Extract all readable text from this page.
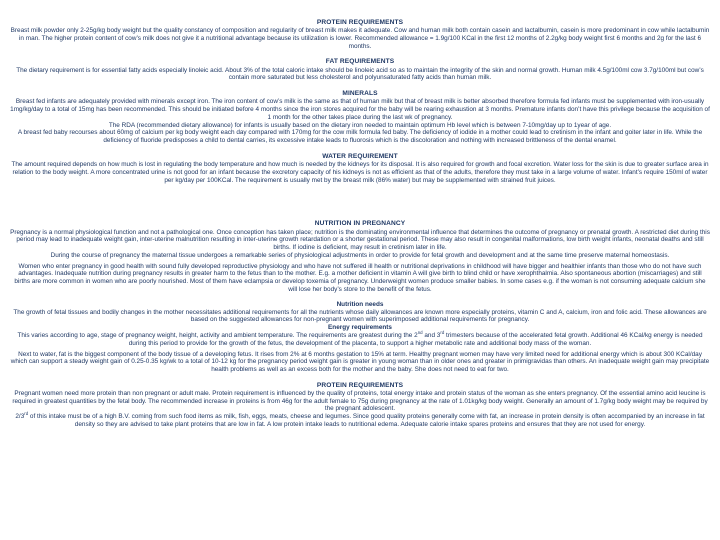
PROTEIN REQUIREMENTS

Breast milk powder only 2-25g/kg body weight but the quality constancy of composition and regularity of breast milk makes it adequate. Cow and human milk both contain casein and lactalbumin, casein is more predominant in cow while lactalbumin in man. The higher protein content of cow’s milk does not give it a nutritional advantage because its utilization is lower. Recommended allowance = 1.9g/100 KCal in the first 12 months of 2.2g/kg body weight first 6 months and 2g for the last 6 months.

FAT REQUIREMENTS

The dietary requirement is for essential fatty acids especially linoleic acid. About 3% of the total caloric intake should be linoleic acid so as to maintain the integrity of the skin and normal growth. Human milk 4.5g/100ml cow 3.7g/100ml but cow’s contain more saturated but less cholesterol and polyunsaturated fatty acids than human milk.

MINERALS

Breast fed infants are adequately provided with minerals except iron. The iron content of cow’s milk is the same as that of human milk but that of breast milk is better absorbed therefore formula fed infants must be supplemented with iron-usually 1mg/kg/day to a total of 15mg has been recommended. This should be initiated before 4 months since the iron stores acquired for the baby will be rearing exhaustion at 3 months. Premature infants don’t have this privilege because the acquisition of 1 month for the other takes place during the last wk of pregnancy.

The RDA (recommended dietary allowance) for infants is usually based on the dietary iron needed to maintain optimum Hb level which is between 7-10mg/day up to 1year of age.

A breast fed baby recourses about 60mg of calcium per kg body weight each day compared with 170mg for the cow milk formula fed baby. The deficiency of iodide in a mother could lead to cretinism in the infant and goiter later in life. While the deficiency of fluoride predisposes a child to dental carries, its excessive intake leads to fluorosis which is the discoloration and nothing with increased brittleness of the dental enamel.

WATER REQUIREMENT

The amount required depends on how much is lost in regulating the body temperature and how much is needed by the kidneys for its disposal. It is also required for growth and focal excretion. Water loss for the skin is due to greater surface area in relation to the body weight. A more concentrated urine is not good for an infant because the excretory capacity of his kidneys is not as efficient as that of the adults, therefore they must take in a large volume of water. Infant’s require 150ml of water per kg/day per 100KCal. The requirement is usually met by the breast milk (86% water) but may be supplemented with strained fruit juices.

NUTRITION IN PREGNANCY

Pregnancy is a normal physiological function and not a pathological one. Once conception has taken place; nutrition is the dominating environmental influence that determines the outcome of pregnancy or prenatal growth. A restricted diet during this period may lead to inadequate weight gain, inter-uterine malnutrition resulting in inter-uterine growth retardation or a shorter gestational period. These may also result in congenital malformations, low birth weight infants, neonatal deaths and still births. If iodine is deficient, may result in cretinism later in life.

During the course of pregnancy the maternal tissue undergoes a remarkable series of physiological adjustments in order to provide for fetal growth and development and at the same time preserve maternal homeostasis.

Women who enter pregnancy in good health with sound fully developed reproductive physiology and who have not suffered ill health or nutritional deprivations in childhood will have bigger and healthier infants than those who do not have such advantages. Inadequate nutrition during pregnancy results in greater harm to the fetus than to the mother. E.g. a mother deficient in vitamin A will give birth to blind child or have xerophthalmia. Also spontaneous abortion (miscarriages) and still births are more common in women who are poorly nourished. Most of them have eclampsia or develop toxemia of pregnancy. Underweight women produce smaller babies. In some cases e.g. if the woman is not consuming adequate calcium she will lose her body’s store to the benefit of the fetus.

Nutrition needs

The growth of fetal tissues and bodily changes in the mother necessitates additional requirements for all the nutrients whose daily allowances are known more especially proteins, vitamin C and A, calcium, iron and folic acid. These allowances are based on the suggested allowances for non-pregnant women with superimposed additional requirements for pregnancy.

Energy requirements

This varies according to age, stage of pregnancy weight, height, activity and ambient temperature. The requirements are greatest during the 2nd and 3rd trimesters because of the accelerated fetal growth. Additional 46 KCal/kg energy is needed during this period to provide for the growth of the fetus, the development of the placenta, to support a higher metabolic rate and additional body mass of the woman.

Next to water, fat is the biggest component of the body tissue of a developing fetus. It rises from 2% at 6 months gestation to 15% at term. Healthy pregnant women may have very limited need for additional energy which is about 300 KCal/day which can support a steady weight gain of 0.25-0.35 kg/wk to a total of 10-12 kg for the pregnancy period weight gain is greater in young woman than in older ones and greater in primigravidas than others. An inadequate weight gain may precipitate health problems as well as an excess both for the mother and the baby. She does not need to eat for two.

PROTEIN REQUIREMENTS

Pregnant women need more protein than non pregnant or adult male. Protein requirement is influenced by the quality of proteins, total energy intake and protein status of the woman as she enters pregnancy. Of the essential amino acid leucine is required in greatest quantities by the fetal body. The recommended increase in proteins is from 46g for the adult female to 75g during pregnancy at the rate of 1.01kg/kg body weight. Generally an amount of 1.7g/kg body weight may be required by the pregnant adolescent.

2/3rd of this intake must be of a high B.V. coming from such food items as milk, fish, eggs, meats, cheese and legumes. Since good quality proteins generally come with fat, an increase in protein density is often accompanied by an increase in fat density so they are advised to take plant proteins that are low in fat. A low protein intake leads to nutritional edema. Adequate calorie intake spares proteins and ensures that they are not used for energy.
